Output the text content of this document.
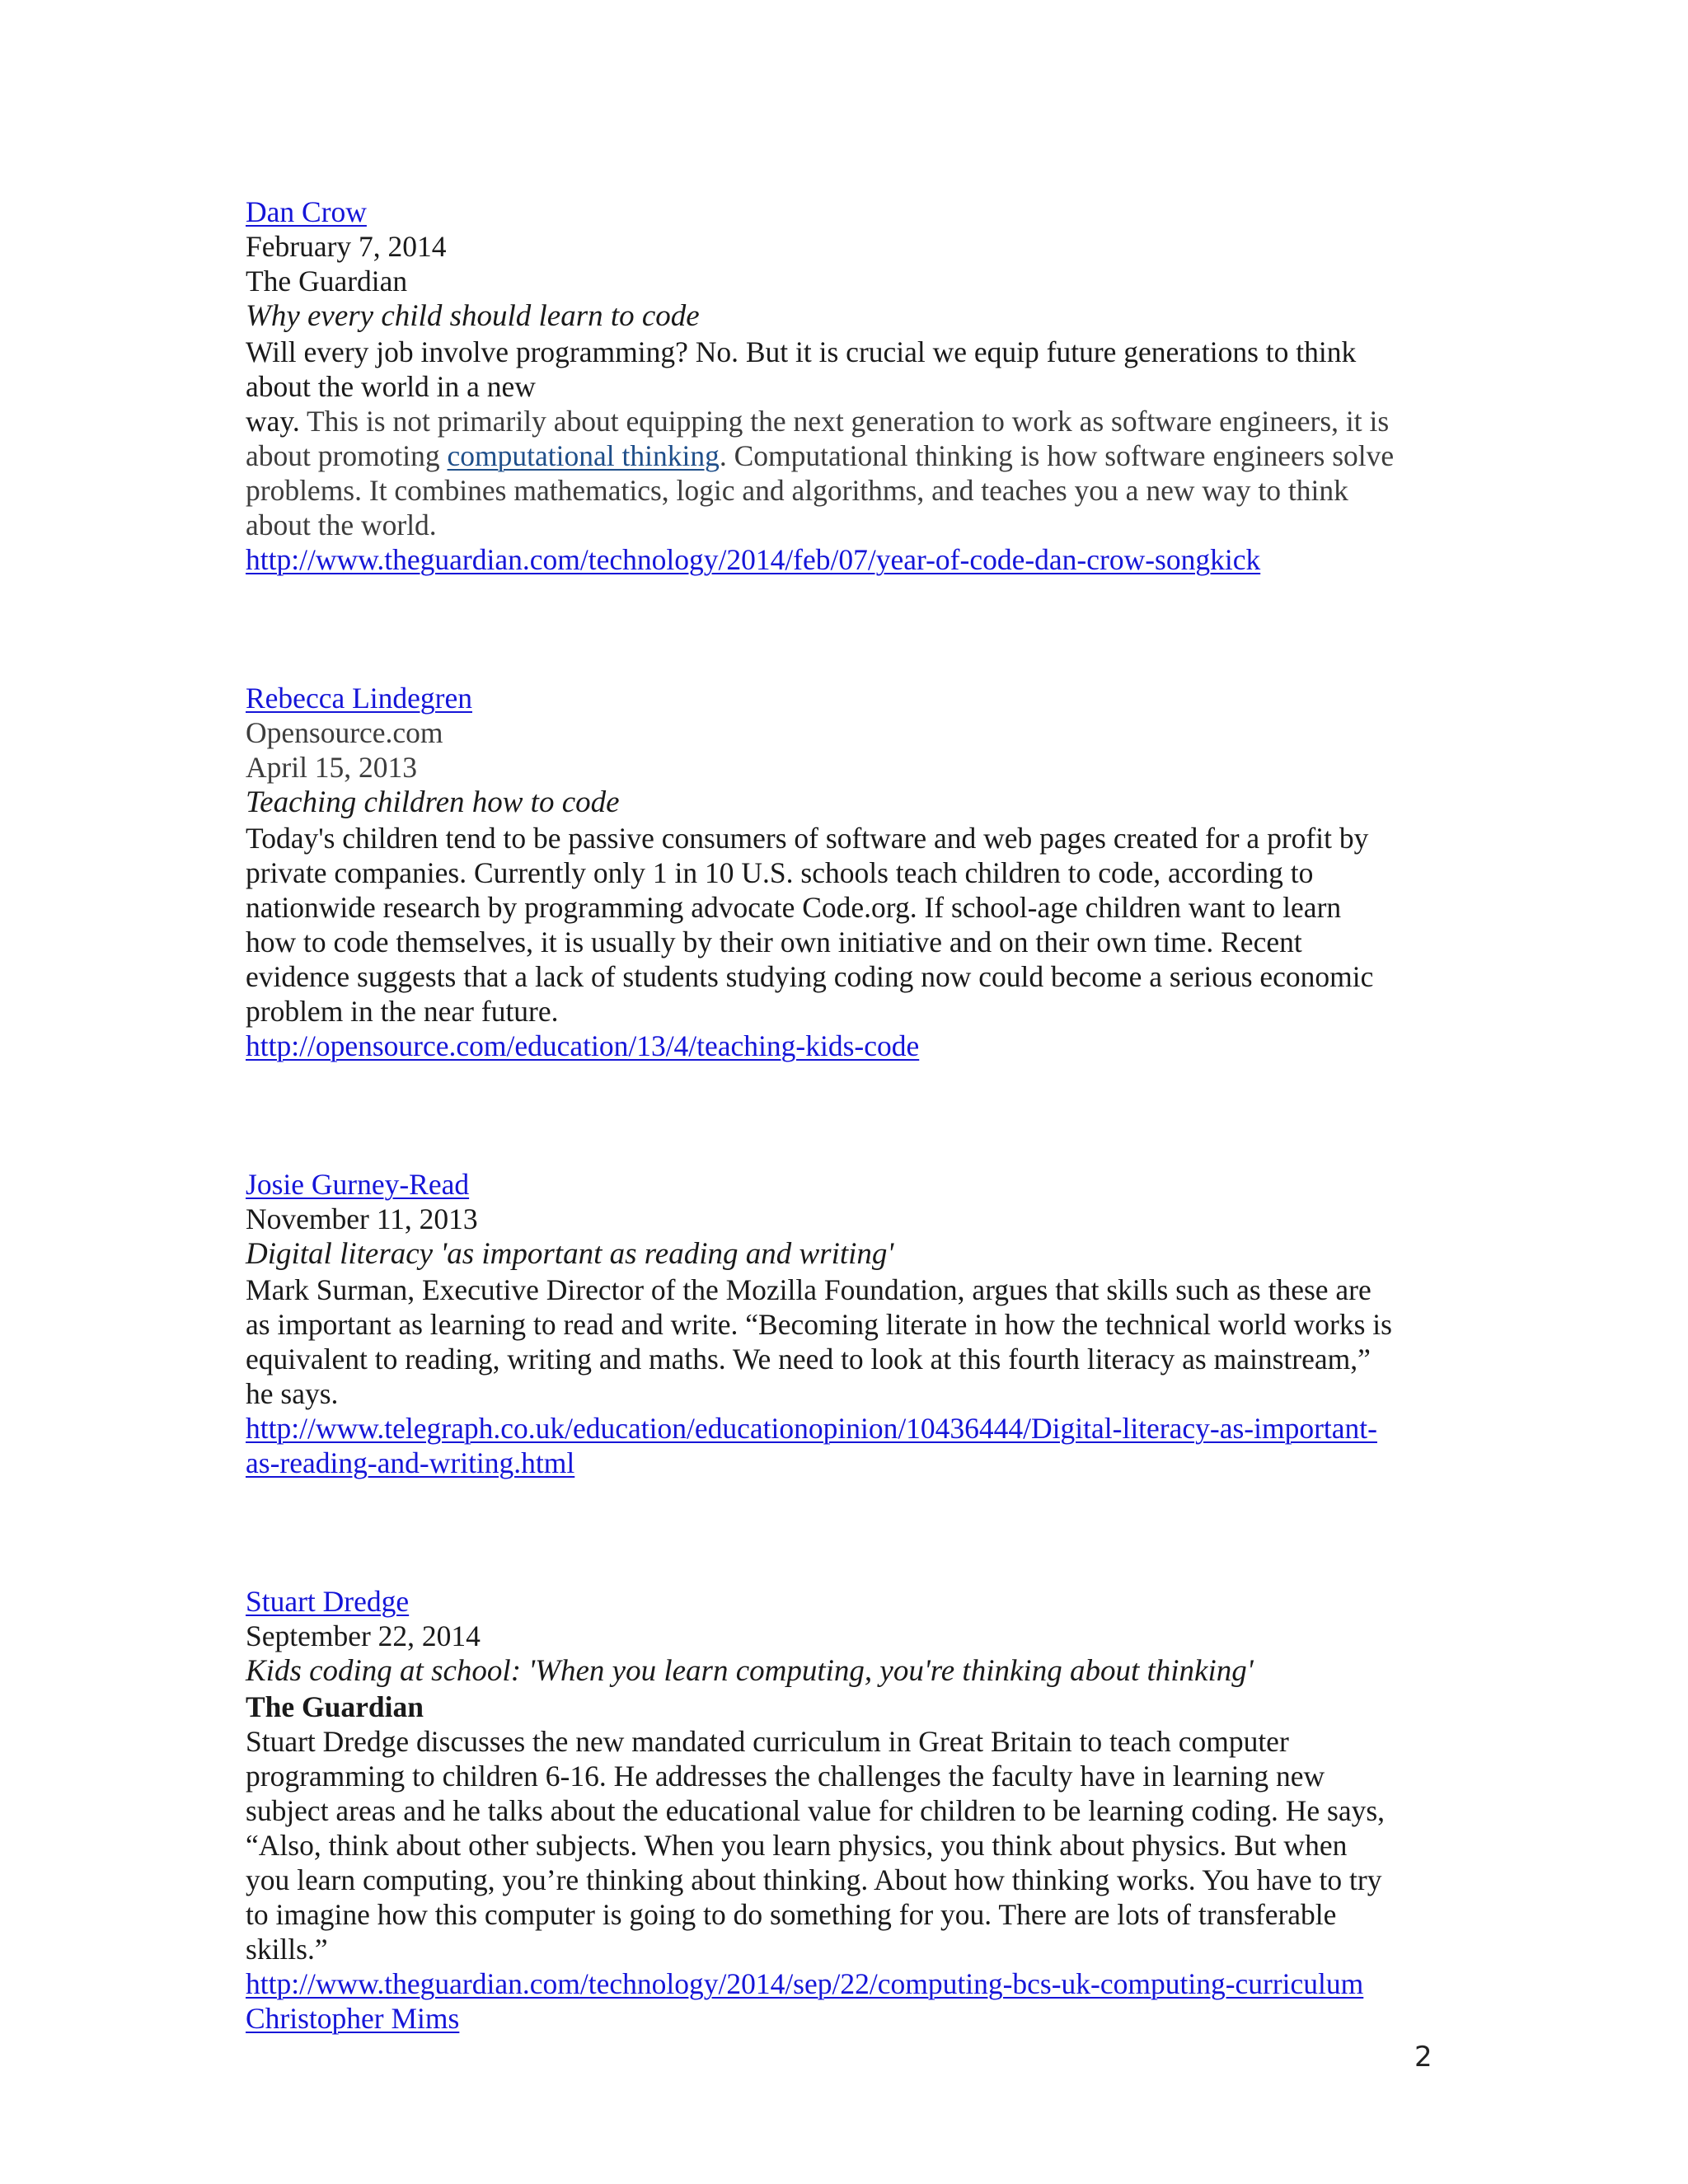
Dan Crow
February 7, 2014
The Guardian
Why every child should learn to code
Will every job involve programming? No. But it is crucial we equip future generations to think
about the world in a new
way. This is not primarily about equipping the next generation to work as software engineers, it is
about promoting computational thinking. Computational thinking is how software engineers solve
problems. It combines mathematics, logic and algorithms, and teaches you a new way to think
about the world.
http://www.theguardian.com/technology/2014/feb/07/year-of-code-dan-crow-songkick
Rebecca Lindegren
Opensource.com
April 15, 2013
Teaching children how to code
Today's children tend to be passive consumers of software and web pages created for a profit by
private companies. Currently only 1 in 10 U.S. schools teach children to code, according to
nationwide research by programming advocate Code.org. If school-age children want to learn
how to code themselves, it is usually by their own initiative and on their own time. Recent
evidence suggests that a lack of students studying coding now could become a serious economic
problem in the near future.
http://opensource.com/education/13/4/teaching-kids-code
Josie Gurney-Read
November 11, 2013
Digital literacy 'as important as reading and writing'
Mark Surman, Executive Director of the Mozilla Foundation, argues that skills such as these are
as important as learning to read and write. “Becoming literate in how the technical world works is
equivalent to reading, writing and maths. We need to look at this fourth literacy as mainstream,”
he says.
http://www.telegraph.co.uk/education/educationopinion/10436444/Digital-literacy-as-important-
as-reading-and-writing.html
Stuart Dredge
September 22, 2014
Kids coding at school: 'When you learn computing, you're thinking about thinking'
The Guardian
Stuart Dredge discusses the new mandated curriculum in Great Britain to teach computer
programming to children 6-16. He addresses the challenges the faculty have in learning new
subject areas and he talks about the educational value for children to be learning coding. He says,
“Also, think about other subjects. When you learn physics, you think about physics. But when
you learn computing, you’re thinking about thinking. About how thinking works. You have to try
to imagine how this computer is going to do something for you. There are lots of transferable
skills.”
http://www.theguardian.com/technology/2014/sep/22/computing-bcs-uk-computing-curriculum
Christopher Mims
2
